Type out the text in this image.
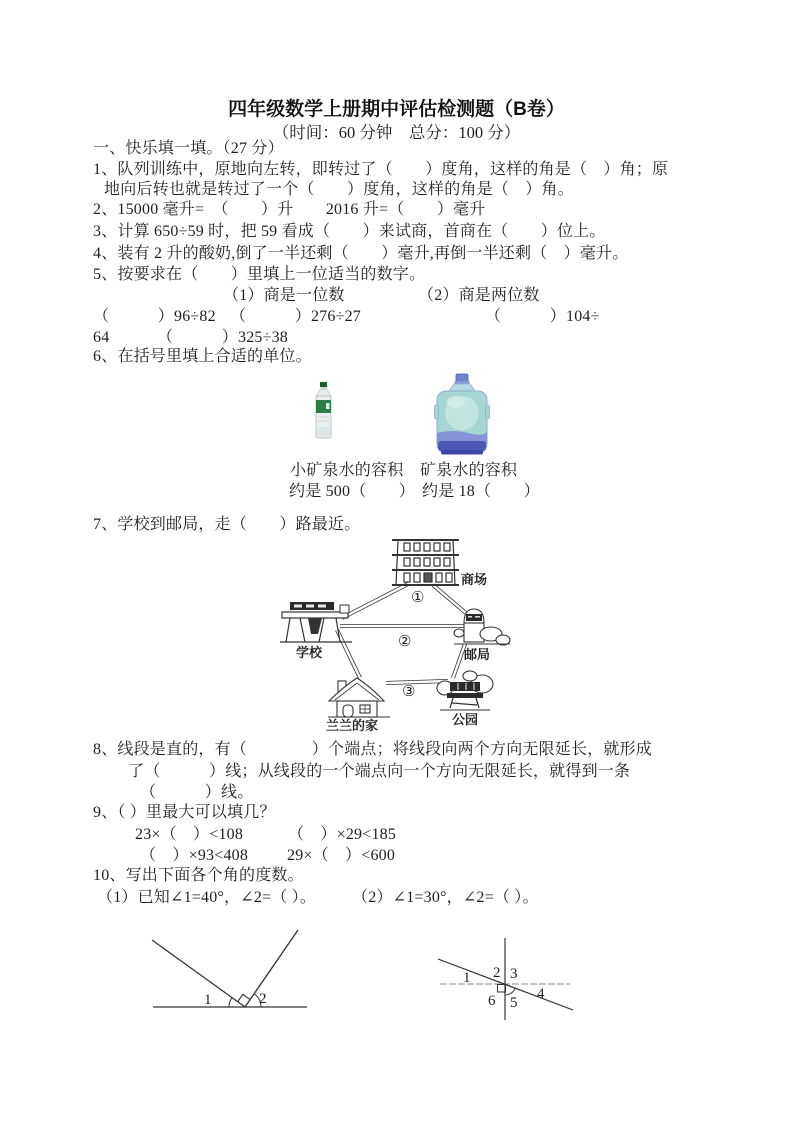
四年级数学上册期中评估检测题（B卷）
（时间：60 分钟　总分：100 分）
一、快乐填一填。（27 分）
1、队列训练中，原地向左转，即转过了（　　）度角，这样的角是（　）角；原
地向后转也就是转过了一个（　　）度角，这样的角是（　）角。
2、15000 毫升=　（　　）升　　2016 升=（　　）毫升
3、计算 650÷59 时，把 59 看成（　　）来试商，首商在（　　）位上。
4、装有 2 升的酸奶,倒了一半还剩（　　）毫升,再倒一半还剩（　）毫升。
5、按要求在（　　）里填上一位适当的数字。
（1）商是一位数	（2）商是两位数
（　　　）96÷82 （　　　）276÷27	（　　　）104÷
64	（　　　）325÷38
6、在括号里填上合适的单位。
小矿泉水的容积
约是 500（　　）
矿泉水的容积
约是 18（　　）
7、学校到邮局，走（　　）路最近。
商场
学校	邮局
兰兰的家	公园
①
②
③
8、线段是直的，有（　　　　）个端点；将线段向两个方向无限延长，就形成
了（　　　）线；从线段的一个端点向一个方向无限延长，就得到一条
（　　　）线。
9、（ ）里最大可以填几？
23×（　）<108	（　）×29<185
（　）×93<408 29×（　）<600
10、写出下面各个角的度数。
（1）已知∠1=40°，∠2=（ ）。 （2）∠1=30°，∠2=（ ）。
1	2
1 2 3
4
5
6
